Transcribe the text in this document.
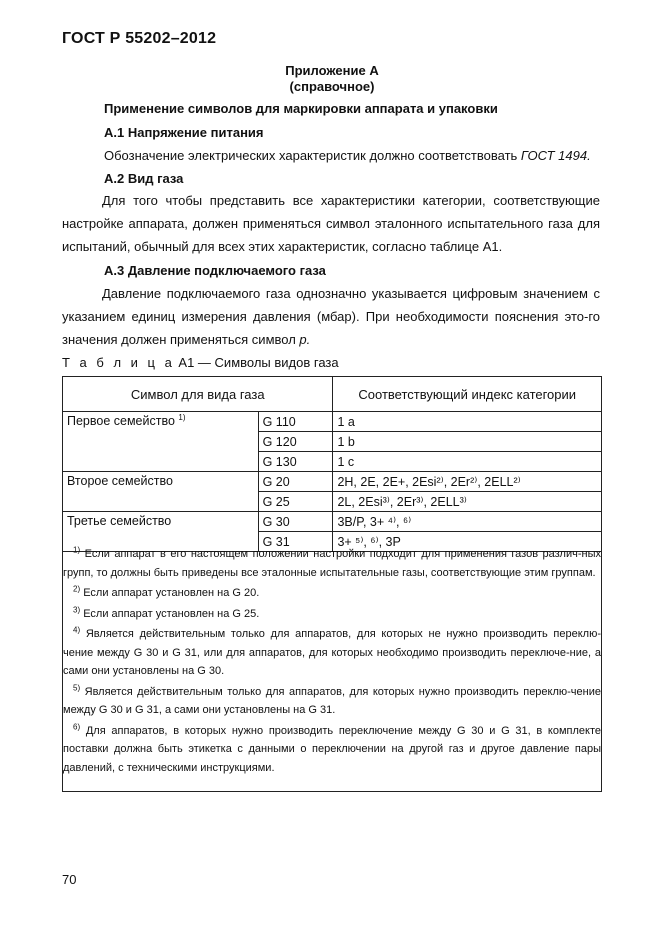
ГОСТ Р 55202–2012
Приложение А
(справочное)
Применение символов для маркировки аппарата и упаковки
А.1 Напряжение питания
Обозначение электрических характеристик должно соответствовать ГОСТ 1494.
А.2 Вид газа
Для того чтобы представить все характеристики категории, соответствующие настройке аппарата, должен применяться символ эталонного испытательного газа для испытаний, обычный для всех этих характеристик, согласно таблице А1.
А.3 Давление подключаемого газа
Давление подключаемого газа однозначно указывается цифровым значением с указанием единиц измерения давления (мбар). При необходимости пояснения это-го значения должен применяться символ p.
Т а б л и ц а А1 — Символы видов газа
Символ для вида газа		Соответствующий индекс категории
Первое семейство $^{1)}$	G 110	1 a
	G 120	1 b
	G 130	1 c
Второе семейство	G 20	2H, 2E, 2E+, 2Esi²⁾, 2Er²⁾, 2ELL²⁾
	G 25	2L, 2Esi³⁾, 2Er³⁾, 2ELL³⁾
Третье семейство	G 30	3B/P, 3+ ⁴⁾, ⁶⁾
	G 31	3+ ⁵⁾, ⁶⁾, 3P
$^{1)}$ Если аппарат в его настоящем положении настройки подходит для применения газов различ-ных групп, то должны быть приведены все эталонные испытательные газы, соответствующие этим группам.
$^{2)}$ Если аппарат установлен на G 20.
$^{3)}$ Если аппарат установлен на G 25.
$^{4)}$ Является действительным только для аппаратов, для которых не нужно производить переклю-чение между G 30 и G 31, или для аппаратов, для которых необходимо производить переключе-ние, а сами они установлены на G 30.
$^{5)}$ Является действительным только для аппаратов, для которых нужно производить переклю-чение между G 30 и G 31, а сами они установлены на G 31.
$^{6)}$ Для аппаратов, в которых нужно производить переключение между G 30 и G 31, в комплекте поставки должна быть этикетка с данными о переключении на другой газ и другое давление пары давлений, с техническими инструкциями.
70
